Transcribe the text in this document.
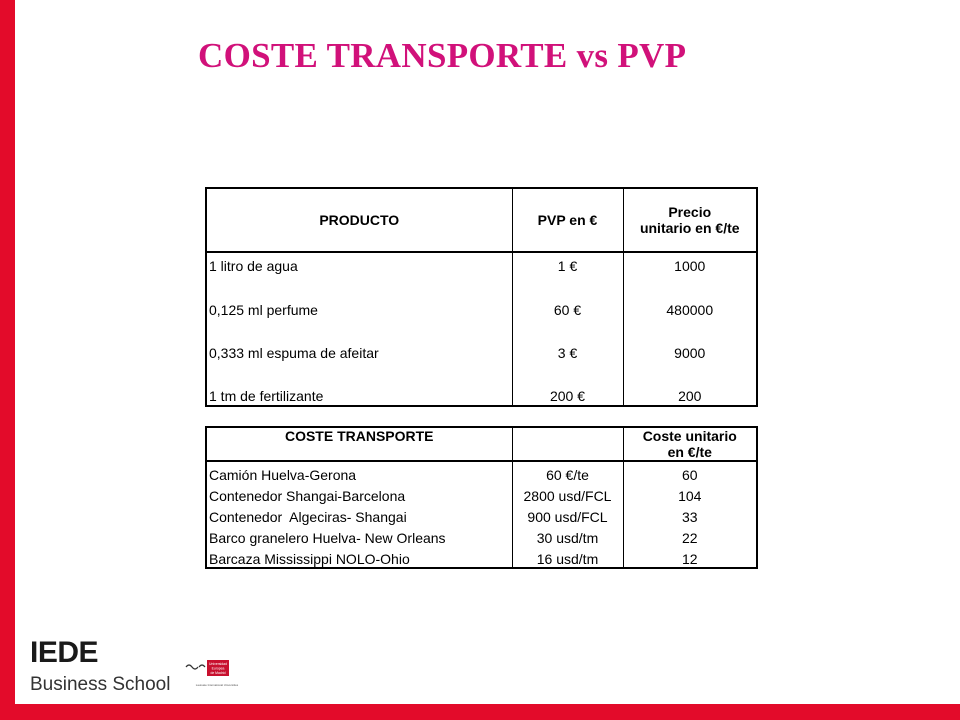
COSTE TRANSPORTE vs PVP
PRODUCTO	PVP en €	Precio
unitario en €/te

1 litro de agua	1 €	1000
0,125 ml perfume	60 €	480000
0,333 ml espuma de afeitar	3 €	9000
1 tm de fertilizante	200 €	200
COSTE TRANSPORTE		Coste unitario
en €/te

Camión Huelva-Gerona	60 €/te	60
Contenedor Shangai-Barcelona	2800 usd/FCL	104
Contenedor  Algeciras- Shangai	900 usd/FCL	33
Barco granelero Huelva- New Orleans	30 usd/tm	22
Barcaza Mississippi NOLO-Ohio	16 usd/tm	12
IEDE
Business School
Universidad
Europea
de Madrid
Laureate International Universities
